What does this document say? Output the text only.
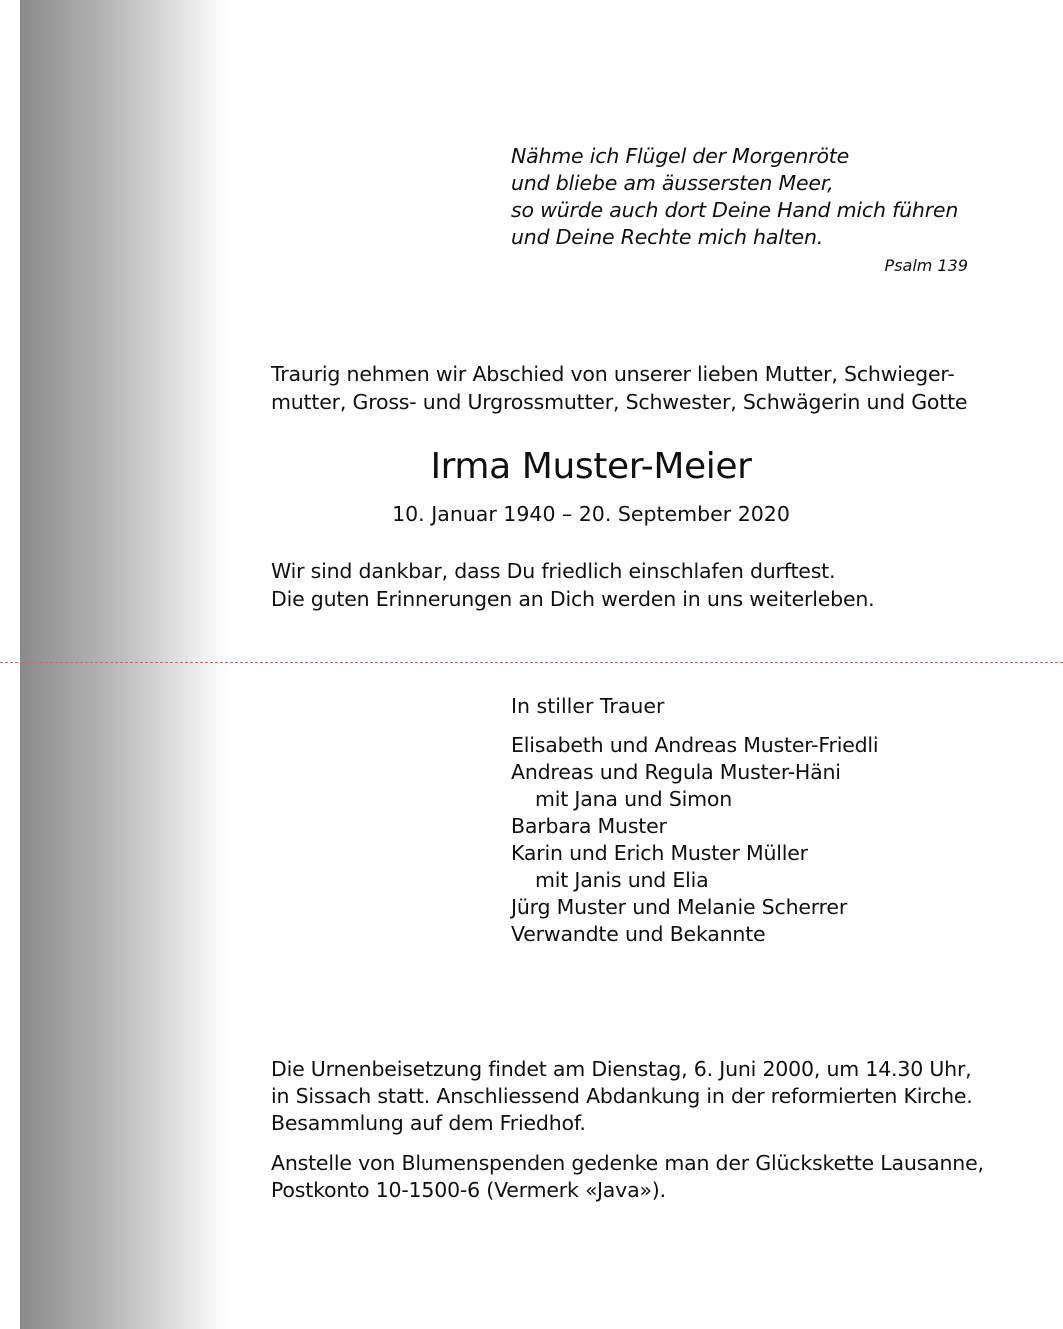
Nähme ich Flügel der Morgenröte
und bliebe am äussersten Meer,
so würde auch dort Deine Hand mich führen
und Deine Rechte mich halten.
Psalm 139
Traurig nehmen wir Abschied von unserer lieben Mutter, Schwieger-
mutter, Gross- und Urgrossmutter, Schwester, Schwägerin und Gotte
Irma Muster-Meier
10. Januar 1940 – 20. September 2020
Wir sind dankbar, dass Du friedlich einschlafen durftest.
Die guten Erinnerungen an Dich werden in uns weiterleben.
In stiller Trauer
Elisabeth und Andreas Muster-Friedli
Andreas und Regula Muster-Häni
mit Jana und Simon
Barbara Muster
Karin und Erich Muster Müller
mit Janis und Elia
Jürg Muster und Melanie Scherrer
Verwandte und Bekannte
Die Urnenbeisetzung findet am Dienstag, 6. Juni 2000, um 14.30 Uhr,
in Sissach statt. Anschliessend Abdankung in der reformierten Kirche.
Besammlung auf dem Friedhof.
Anstelle von Blumenspenden gedenke man der Glückskette Lausanne,
Postkonto 10-1500-6 (Vermerk «Java»).
